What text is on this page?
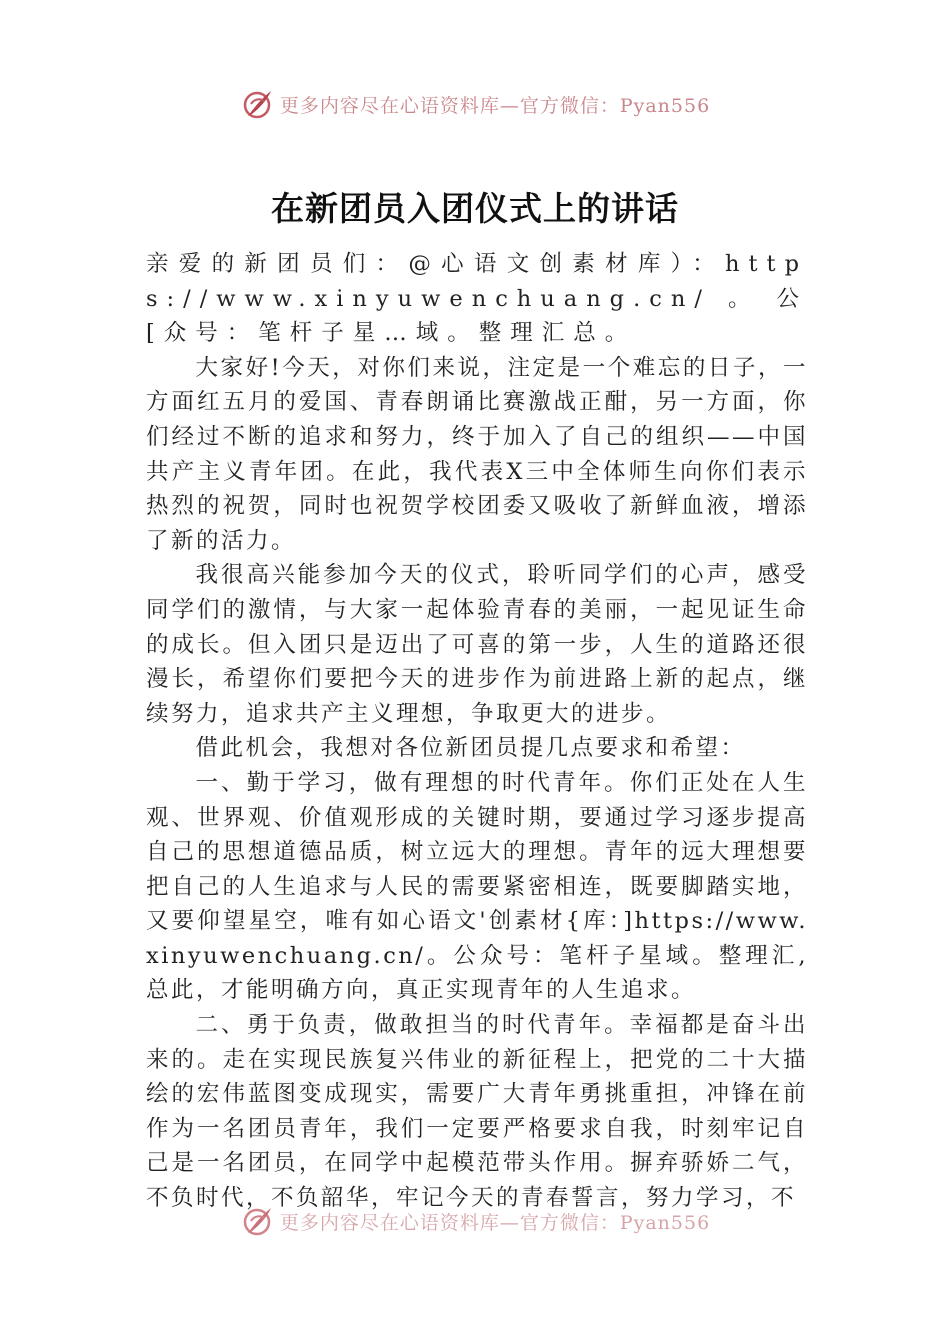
更多内容尽在心语资料库—官方微信：Pyan556
在新团员入团仪式上的讲话

亲爱的新团员们：@心语文创素材库）：https://www.xinyuwenchuang.cn/。公[众号：笔杆子星…域。整理汇总。

大家好!今天，对你们来说，注定是一个难忘的日子，一方面红五月的爱国、青春朗诵比赛激战正酣，另一方面，你们经过不断的追求和努力，终于加入了自己的组织——中国共产主义青年团。在此，我代表X三中全体师生向你们表示热烈的祝贺，同时也祝贺学校团委又吸收了新鲜血液，增添了新的活力。

我很高兴能参加今天的仪式，聆听同学们的心声，感受同学们的激情，与大家一起体验青春的美丽，一起见证生命的成长。但入团只是迈出了可喜的第一步，人生的道路还很漫长，希望你们要把今天的进步作为前进路上新的起点，继续努力，追求共产主义理想，争取更大的进步。

借此机会，我想对各位新团员提几点要求和希望：

一、勤于学习，做有理想的时代青年。你们正处在人生观、世界观、价值观形成的关键时期，要通过学习逐步提高自己的思想道德品质，树立远大的理想。青年的远大理想要把自己的人生追求与人民的需要紧密相连，既要脚踏实地，又要仰望星空，唯有如心语文'创素材{库：]https://www.xinyuwenchuang.cn/。公众号：笔杆子星域。整理汇,总此，才能明确方向，真正实现青年的人生追求。

二、勇于负责，做敢担当的时代青年。幸福都是奋斗出来的。走在实现民族复兴伟业的新征程上，把党的二十大描绘的宏伟蓝图变成现实，需要广大青年勇挑重担，冲锋在前作为一名团员青年，我们一定要严格要求自我，时刻牢记自己是一名团员，在同学中起模范带头作用。摒弃骄娇二气，不负时代，不负韶华，牢记今天的青春誓言，努力学习，不

更多内容尽在心语资料库—官方微信：Pyan556
